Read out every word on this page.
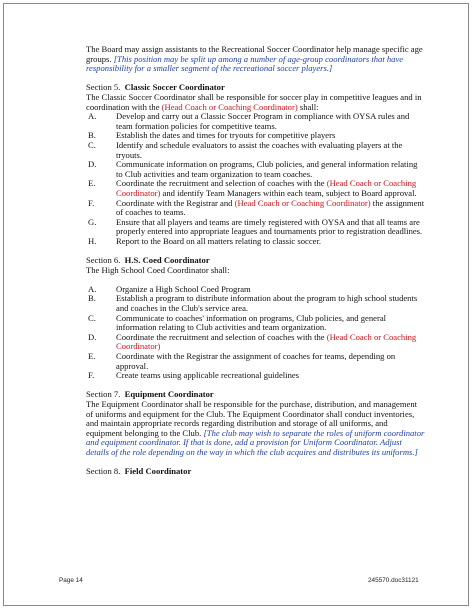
The Board may assign assistants to the Recreational Soccer Coordinator help manage specific age groups. [This position may be split up among a number of age-group coordinators that have responsibility for a smaller segment of the recreational soccer players.]

Section 5. Classic Soccer Coordinator

The Classic Soccer Coordinator shall be responsible for soccer play in competitive leagues and in coordination with the (Head Coach or Coaching Coordinator) shall:

A.	Develop and carry out a Classic Soccer Program in compliance with OYSA rules and team formation policies for competitive teams.
B.	Establish the dates and times for tryouts for competitive players
C.	Identify and schedule evaluators to assist the coaches with evaluating players at the tryouts.
D.	Communicate information on programs, Club policies, and general information relating to Club activities and team organization to team coaches.
E.	Coordinate the recruitment and selection of coaches with the (Head Coach or Coaching Coordinator) and identify Team Managers within each team, subject to Board approval.
F.	Coordinate with the Registrar and (Head Coach or Coaching Coordinator) the assignment of coaches to teams.
G.	Ensure that all players and teams are timely registered with OYSA and that all teams are properly entered into appropriate leagues and tournaments prior to registration deadlines.
H.	Report to the Board on all matters relating to classic soccer.

Section 6. H.S. Coed Coordinator

The High School Coed Coordinator shall:

A.	Organize a High School Coed Program
B.	Establish a program to distribute information about the program to high school students and coaches in the Club's service area.
C.	Communicate to coaches' information on programs, Club policies, and general information relating to Club activities and team organization.
D.	Coordinate the recruitment and selection of coaches with the (Head Coach or Coaching Coordinator)
E.	Coordinate with the Registrar the assignment of coaches for teams, depending on approval.
F.	Create teams using applicable recreational guidelines

Section 7. Equipment Coordinator

The Equipment Coordinator shall be responsible for the purchase, distribution, and management of uniforms and equipment for the Club. The Equipment Coordinator shall conduct inventories, and maintain appropriate records regarding distribution and storage of all uniforms, and equipment belonging to the Club. [The club may wish to separate the roles of uniform coordinator and equipment coordinator. If that is done, add a provision for Uniform Coordinator. Adjust details of the role depending on the way in which the club acquires and distributes its uniforms.]

Section 8. Field Coordinator

Page 14	245570.doc31121
